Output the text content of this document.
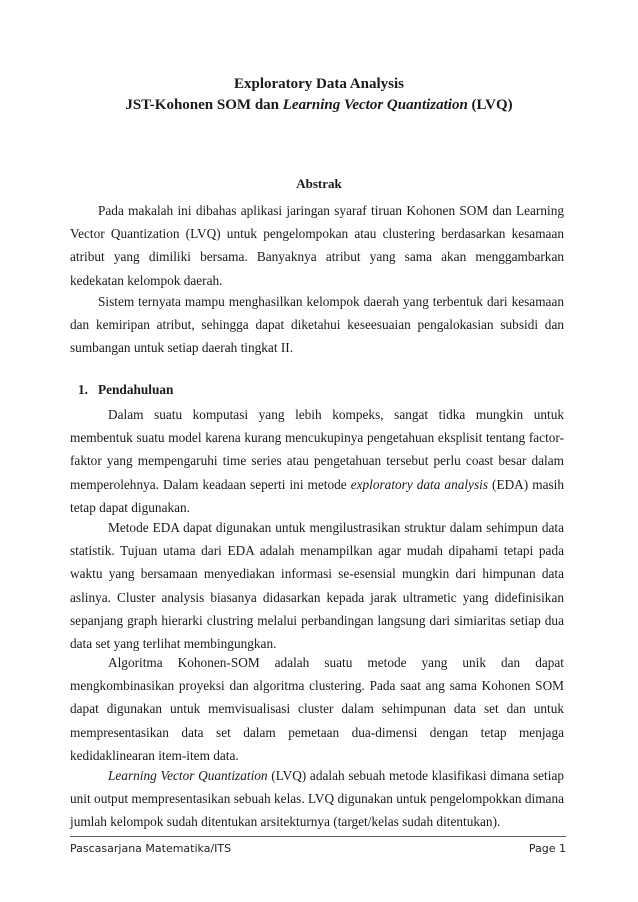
Exploratory Data Analysis
JST-Kohonen SOM dan Learning Vector Quantization (LVQ)
Abstrak

Pada makalah ini dibahas aplikasi jaringan syaraf tiruan Kohonen SOM dan Learning Vector Quantization (LVQ) untuk pengelompokan atau clustering berdasarkan kesamaan atribut yang dimiliki bersama. Banyaknya atribut yang sama akan menggambarkan kedekatan kelompok daerah.

Sistem ternyata mampu menghasilkan kelompok daerah yang terbentuk dari kesamaan dan kemiripan atribut, sehingga dapat diketahui keseesuaian pengalokasian subsidi dan sumbangan untuk setiap daerah tingkat II.

1. Pendahuluan

Dalam suatu komputasi yang lebih kompeks, sangat tidka mungkin untuk membentuk suatu model karena kurang mencukupinya pengetahuan eksplisit tentang factor-faktor yang mempengaruhi time series atau pengetahuan tersebut perlu coast besar dalam memperolehnya. Dalam keadaan seperti ini metode exploratory data analysis (EDA) masih tetap dapat digunakan.

Metode EDA dapat digunakan untuk mengilustrasikan struktur dalam sehimpun data statistik. Tujuan utama dari EDA adalah menampilkan agar mudah dipahami tetapi pada waktu yang bersamaan menyediakan informasi se-esensial mungkin dari himpunan data aslinya. Cluster analysis biasanya didasarkan kepada jarak ultrametic yang didefinisikan sepanjang graph hierarki clustring melalui perbandingan langsung dari simiaritas setiap dua data set yang terlihat membingungkan.

Algoritma Kohonen-SOM adalah suatu metode yang unik dan dapat mengkombinasikan proyeksi dan algoritma clustering. Pada saat ang sama Kohonen SOM dapat digunakan untuk memvisualisasi cluster dalam sehimpunan data set dan untuk mempresentasikan data set dalam pemetaan dua-dimensi dengan tetap menjaga kedidaklinearan item-item data.

Learning Vector Quantization (LVQ) adalah sebuah metode klasifikasi dimana setiap unit output mempresentasikan sebuah kelas. LVQ digunakan untuk pengelompokkan dimana jumlah kelompok sudah ditentukan arsitekturnya (target/kelas sudah ditentukan).

Pascasarjana Matematika/ITS	Page 1
